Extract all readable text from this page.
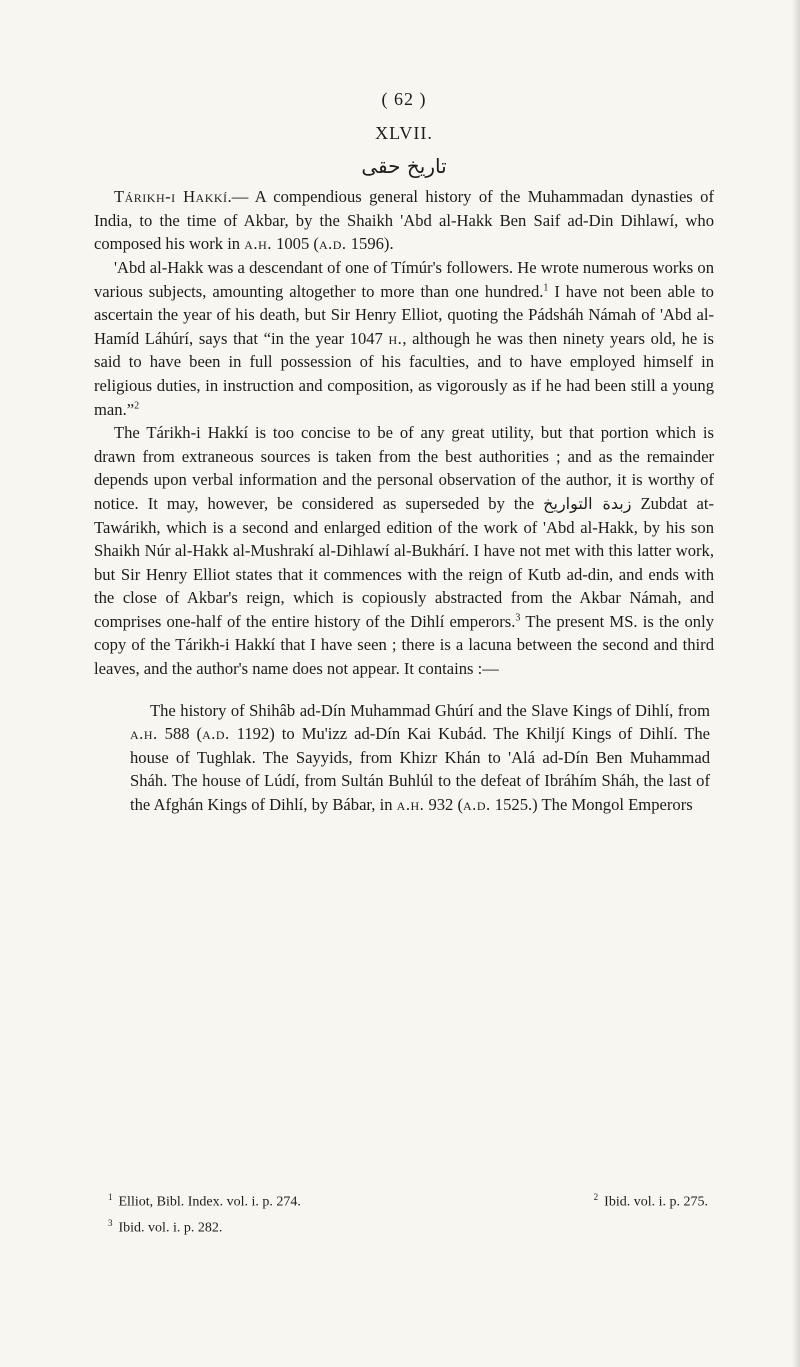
( 62 )
XLVII.
تاریخ حقی

Tárikh-i Hakkí.— A compendious general history of the Muhammadan dynasties of India, to the time of Akbar, by the Shaikh 'Abd al-Hakk Ben Saif ad-Din Dihlawí, who composed his work in a.h. 1005 (a.d. 1596).

'Abd al-Hakk was a descendant of one of Tímúr's followers. He wrote numerous works on various subjects, amounting altogether to more than one hundred.$^1$ I have not been able to ascertain the year of his death, but Sir Henry Elliot, quoting the Pádsháh Námah of 'Abd al-Hamíd Láhúrí, says that “in the year 1047 h., although he was then ninety years old, he is said to have been in full possession of his faculties, and to have employed himself in religious duties, in instruction and composition, as vigorously as if he had been still a young man.”$^2$

The Tárikh-i Hakkí is too concise to be of any great utility, but that portion which is drawn from extraneous sources is taken from the best authorities ; and as the remainder depends upon verbal information and the personal observation of the author, it is worthy of notice. It may, however, be considered as superseded by the زبدة التواریخ Zubdat at-Tawárikh, which is a second and enlarged edition of the work of 'Abd al-Hakk, by his son Shaikh Núr al-Hakk al-Mushrakí al-Dihlawí al-Bukhárí. I have not met with this latter work, but Sir Henry Elliot states that it commences with the reign of Kutb ad-din, and ends with the close of Akbar's reign, which is copiously abstracted from the Akbar Námah, and comprises one-half of the entire history of the Dihlí emperors.$^3$ The present MS. is the only copy of the Tárikh-i Hakkí that I have seen ; there is a lacuna between the second and third leaves, and the author's name does not appear. It contains :—

The history of Shihâb ad-Dín Muhammad Ghúrí and the Slave Kings of Dihlí, from a.h. 588 (a.d. 1192) to Mu'izz ad-Dín Kai Kubád. The Khiljí Kings of Dihlí. The house of Tughlak. The Sayyids, from Khizr Khán to 'Alá ad-Dín Ben Muhammad Sháh. The house of Lúdí, from Sultán Buhlúl to the defeat of Ibráhím Sháh, the last of the Afghán Kings of Dihlí, by Bábar, in a.h. 932 (a.d. 1525.) The Mongol Emperors

$^1$ Elliot, Bibl. Index. vol. i. p. 274.	$^2$ Ibid. vol. i. p. 275.
$^3$ Ibid. vol. i. p. 282.
